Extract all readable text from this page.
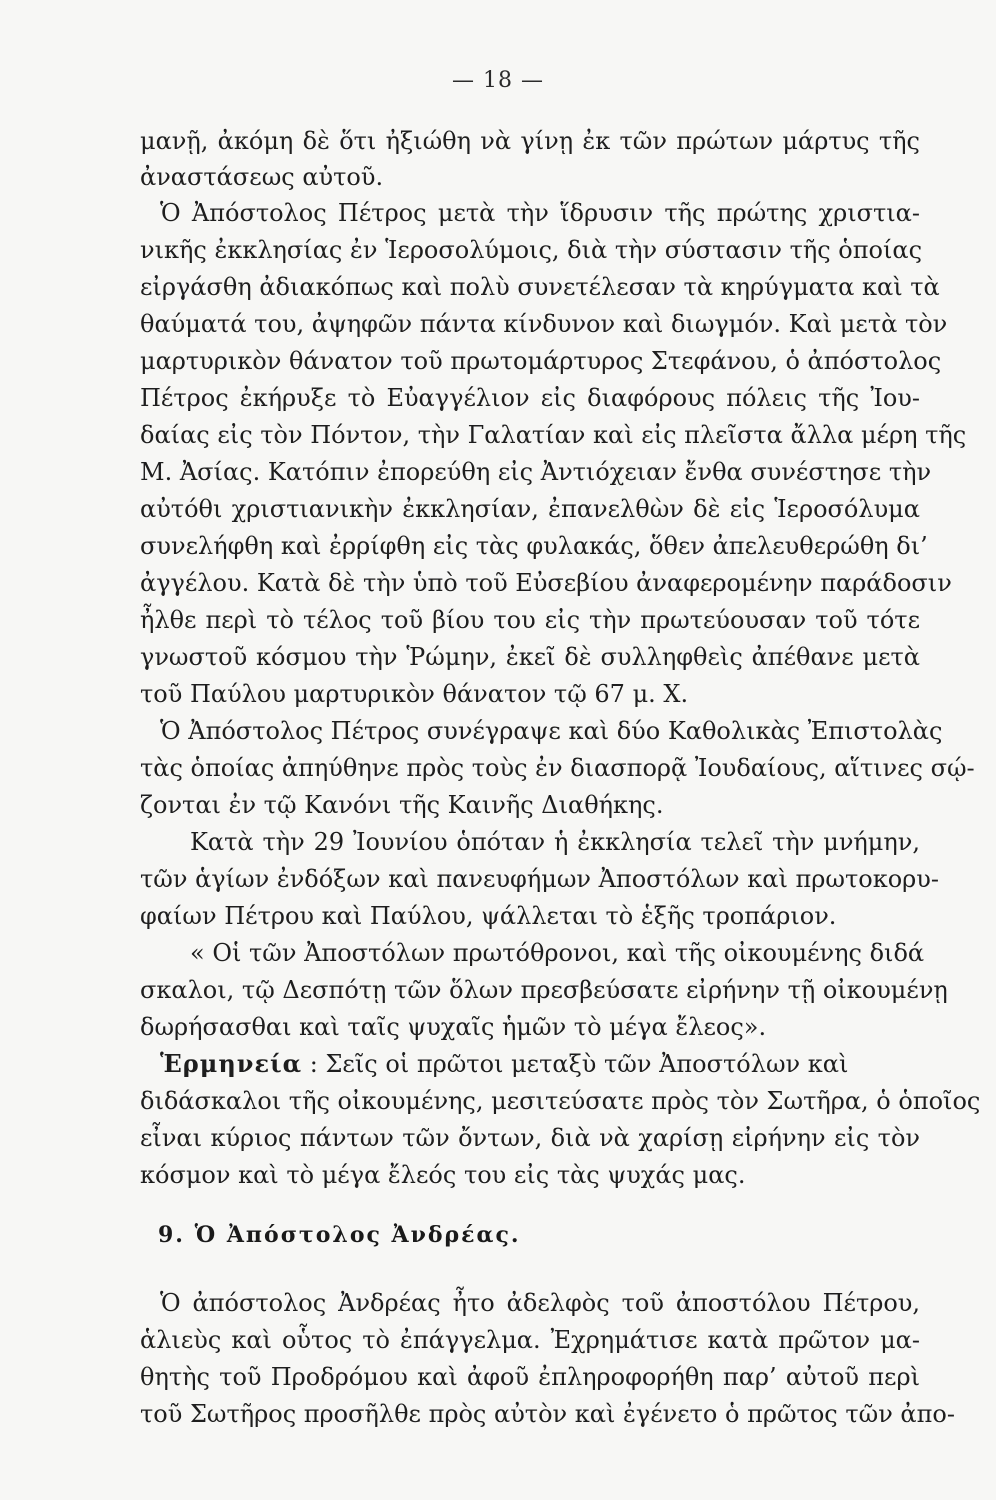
— 18 —
μανῇ, ἀκόμη δὲ ὅτι ἠξιώθη νὰ γίνῃ ἐκ τῶν πρώτων μάρτυς τῆς
ἀναστάσεως αὐτοῦ.
Ὁ Ἀπόστολος Πέτρος μετὰ τὴν ἵδρυσιν τῆς πρώτης χριστια-
νικῆς ἐκκλησίας ἐν Ἱεροσολύμοις, διὰ τὴν σύστασιν τῆς ὁποίας
εἰργάσθη ἀδιακόπως καὶ πολὺ συνετέλεσαν τὰ κηρύγματα καὶ τὰ
θαύματά του, ἀψηφῶν πάντα κίνδυνον καὶ διωγμόν. Καὶ μετὰ τὸν
μαρτυρικὸν θάνατον τοῦ πρωτομάρτυρος Στεφάνου, ὁ ἀπόστολος
Πέτρος ἐκήρυξε τὸ Εὐαγγέλιον εἰς διαφόρους πόλεις τῆς Ἰου-
δαίας εἰς τὸν Πόντον, τὴν Γαλατίαν καὶ εἰς πλεῖστα ἄλλα μέρη τῆς
Μ. Ἀσίας. Κατόπιν ἐπορεύθη εἰς Ἀντιόχειαν ἔνθα συνέστησε τὴν
αὐτόθι χριστιανικὴν ἐκκλησίαν, ἐπανελθὼν δὲ εἰς Ἱεροσόλυμα
συνελήφθη καὶ ἐρρίφθη εἰς τὰς φυλακάς, ὅθεν ἀπελευθερώθη δι’
ἀγγέλου. Κατὰ δὲ τὴν ὑπὸ τοῦ Εὐσεβίου ἀναφερομένην παράδοσιν
ἦλθε περὶ τὸ τέλος τοῦ βίου του εἰς τὴν πρωτεύουσαν τοῦ τότε
γνωστοῦ κόσμου τὴν Ῥώμην, ἐκεῖ δὲ συλληφθεὶς ἀπέθανε μετὰ
τοῦ Παύλου μαρτυρικὸν θάνατον τῷ 67 μ. Χ.
Ὁ Ἀπόστολος Πέτρος συνέγραψε καὶ δύο Καθολικὰς Ἐπιστολὰς
τὰς ὁποίας ἀπηύθηνε πρὸς τοὺς ἐν διασπορᾷ Ἰουδαίους, αἵτινες σῴ-
ζονται ἐν τῷ Κανόνι τῆς Καινῆς Διαθήκης.
Κατὰ τὴν 29 Ἰουνίου ὁπόταν ἡ ἐκκλησία τελεῖ τὴν μνήμην,
τῶν ἁγίων ἐνδόξων καὶ πανευφήμων Ἀποστόλων καὶ πρωτοκορυ-
φαίων Πέτρου καὶ Παύλου, ψάλλεται τὸ ἑξῆς τροπάριον.
« Οἱ τῶν Ἀποστόλων πρωτόθρονοι, καὶ τῆς οἰκουμένης διδά
σκαλοι, τῷ Δεσπότῃ τῶν ὅλων πρεσβεύσατε εἰρήνην τῇ οἰκουμένῃ
δωρήσασθαι καὶ ταῖς ψυχαῖς ἡμῶν τὸ μέγα ἔλεος».
Ἑρμηνεία : Σεῖς οἱ πρῶτοι μεταξὺ τῶν Ἀποστόλων καὶ
διδάσκαλοι τῆς οἰκουμένης, μεσιτεύσατε πρὸς τὸν Σωτῆρα, ὁ ὁποῖος
εἶναι κύριος πάντων τῶν ὄντων, διὰ νὰ χαρίσῃ εἰρήνην εἰς τὸν
κόσμον καὶ τὸ μέγα ἔλεός του εἰς τὰς ψυχάς μας.
9. Ὁ Ἀπόστολος Ἀνδρέας.
Ὁ ἀπόστολος Ἀνδρέας ἦτο ἀδελφὸς τοῦ ἀποστόλου Πέτρου,
ἁλιεὺς καὶ οὗτος τὸ ἐπάγγελμα. Ἐχρημάτισε κατὰ πρῶτον μα-
θητὴς τοῦ Προδρόμου καὶ ἀφοῦ ἐπληροφορήθη παρ’ αὐτοῦ περὶ
τοῦ Σωτῆρος προσῆλθε πρὸς αὐτὸν καὶ ἐγένετο ὁ πρῶτος τῶν ἀπο-
